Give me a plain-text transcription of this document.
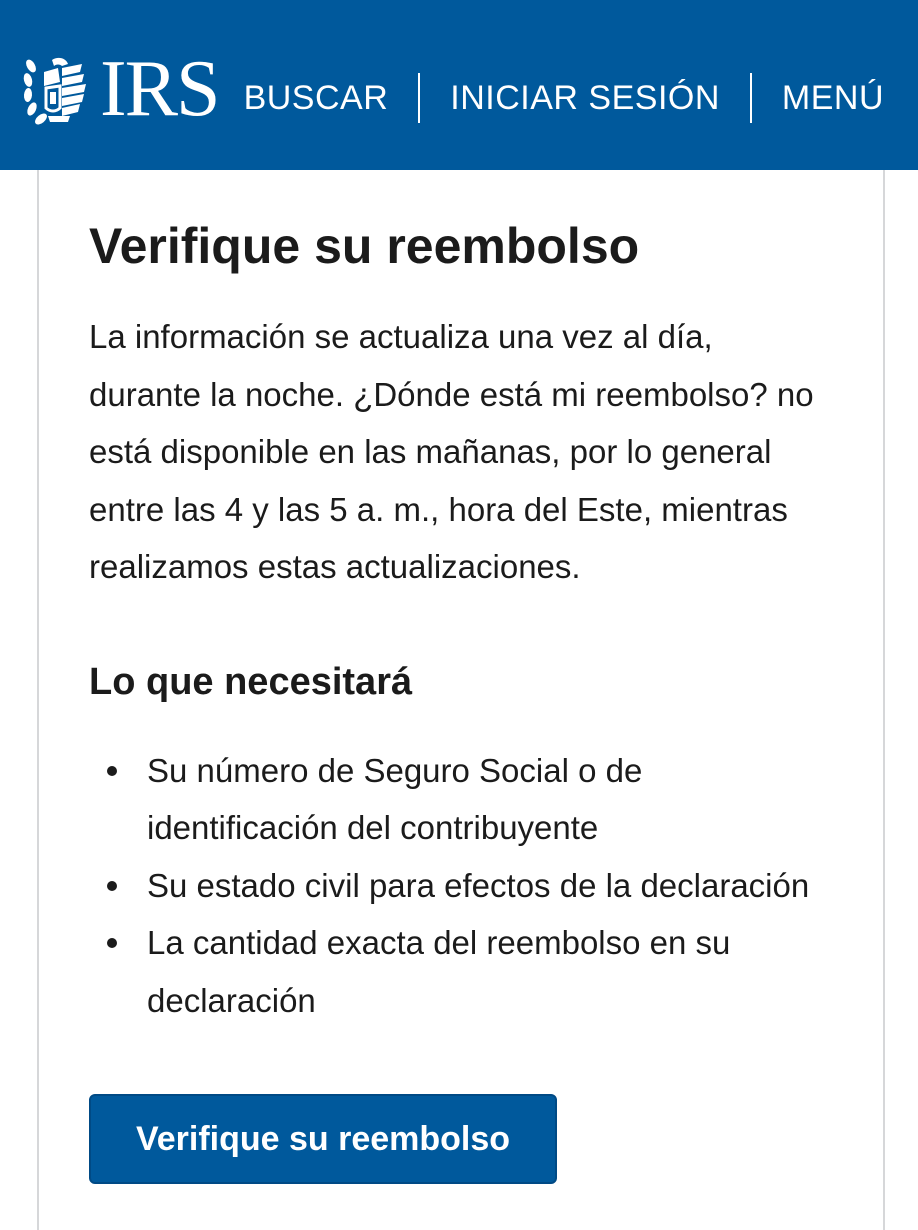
IRS BUSCAR INICIAR SESIÓN MENÚ
Verifique su reembolso

La información se actualiza una vez al día, durante la noche. ¿Dónde está mi reembolso? no está disponible en las mañanas, por lo general entre las 4 y las 5 a. m., hora del Este, mientras realizamos estas actualizaciones.

Lo que necesitará
Su número de Seguro Social o de identificación del contribuyente
Su estado civil para efectos de la declaración
La cantidad exacta del reembolso en su declaración
Verifique su reembolso
